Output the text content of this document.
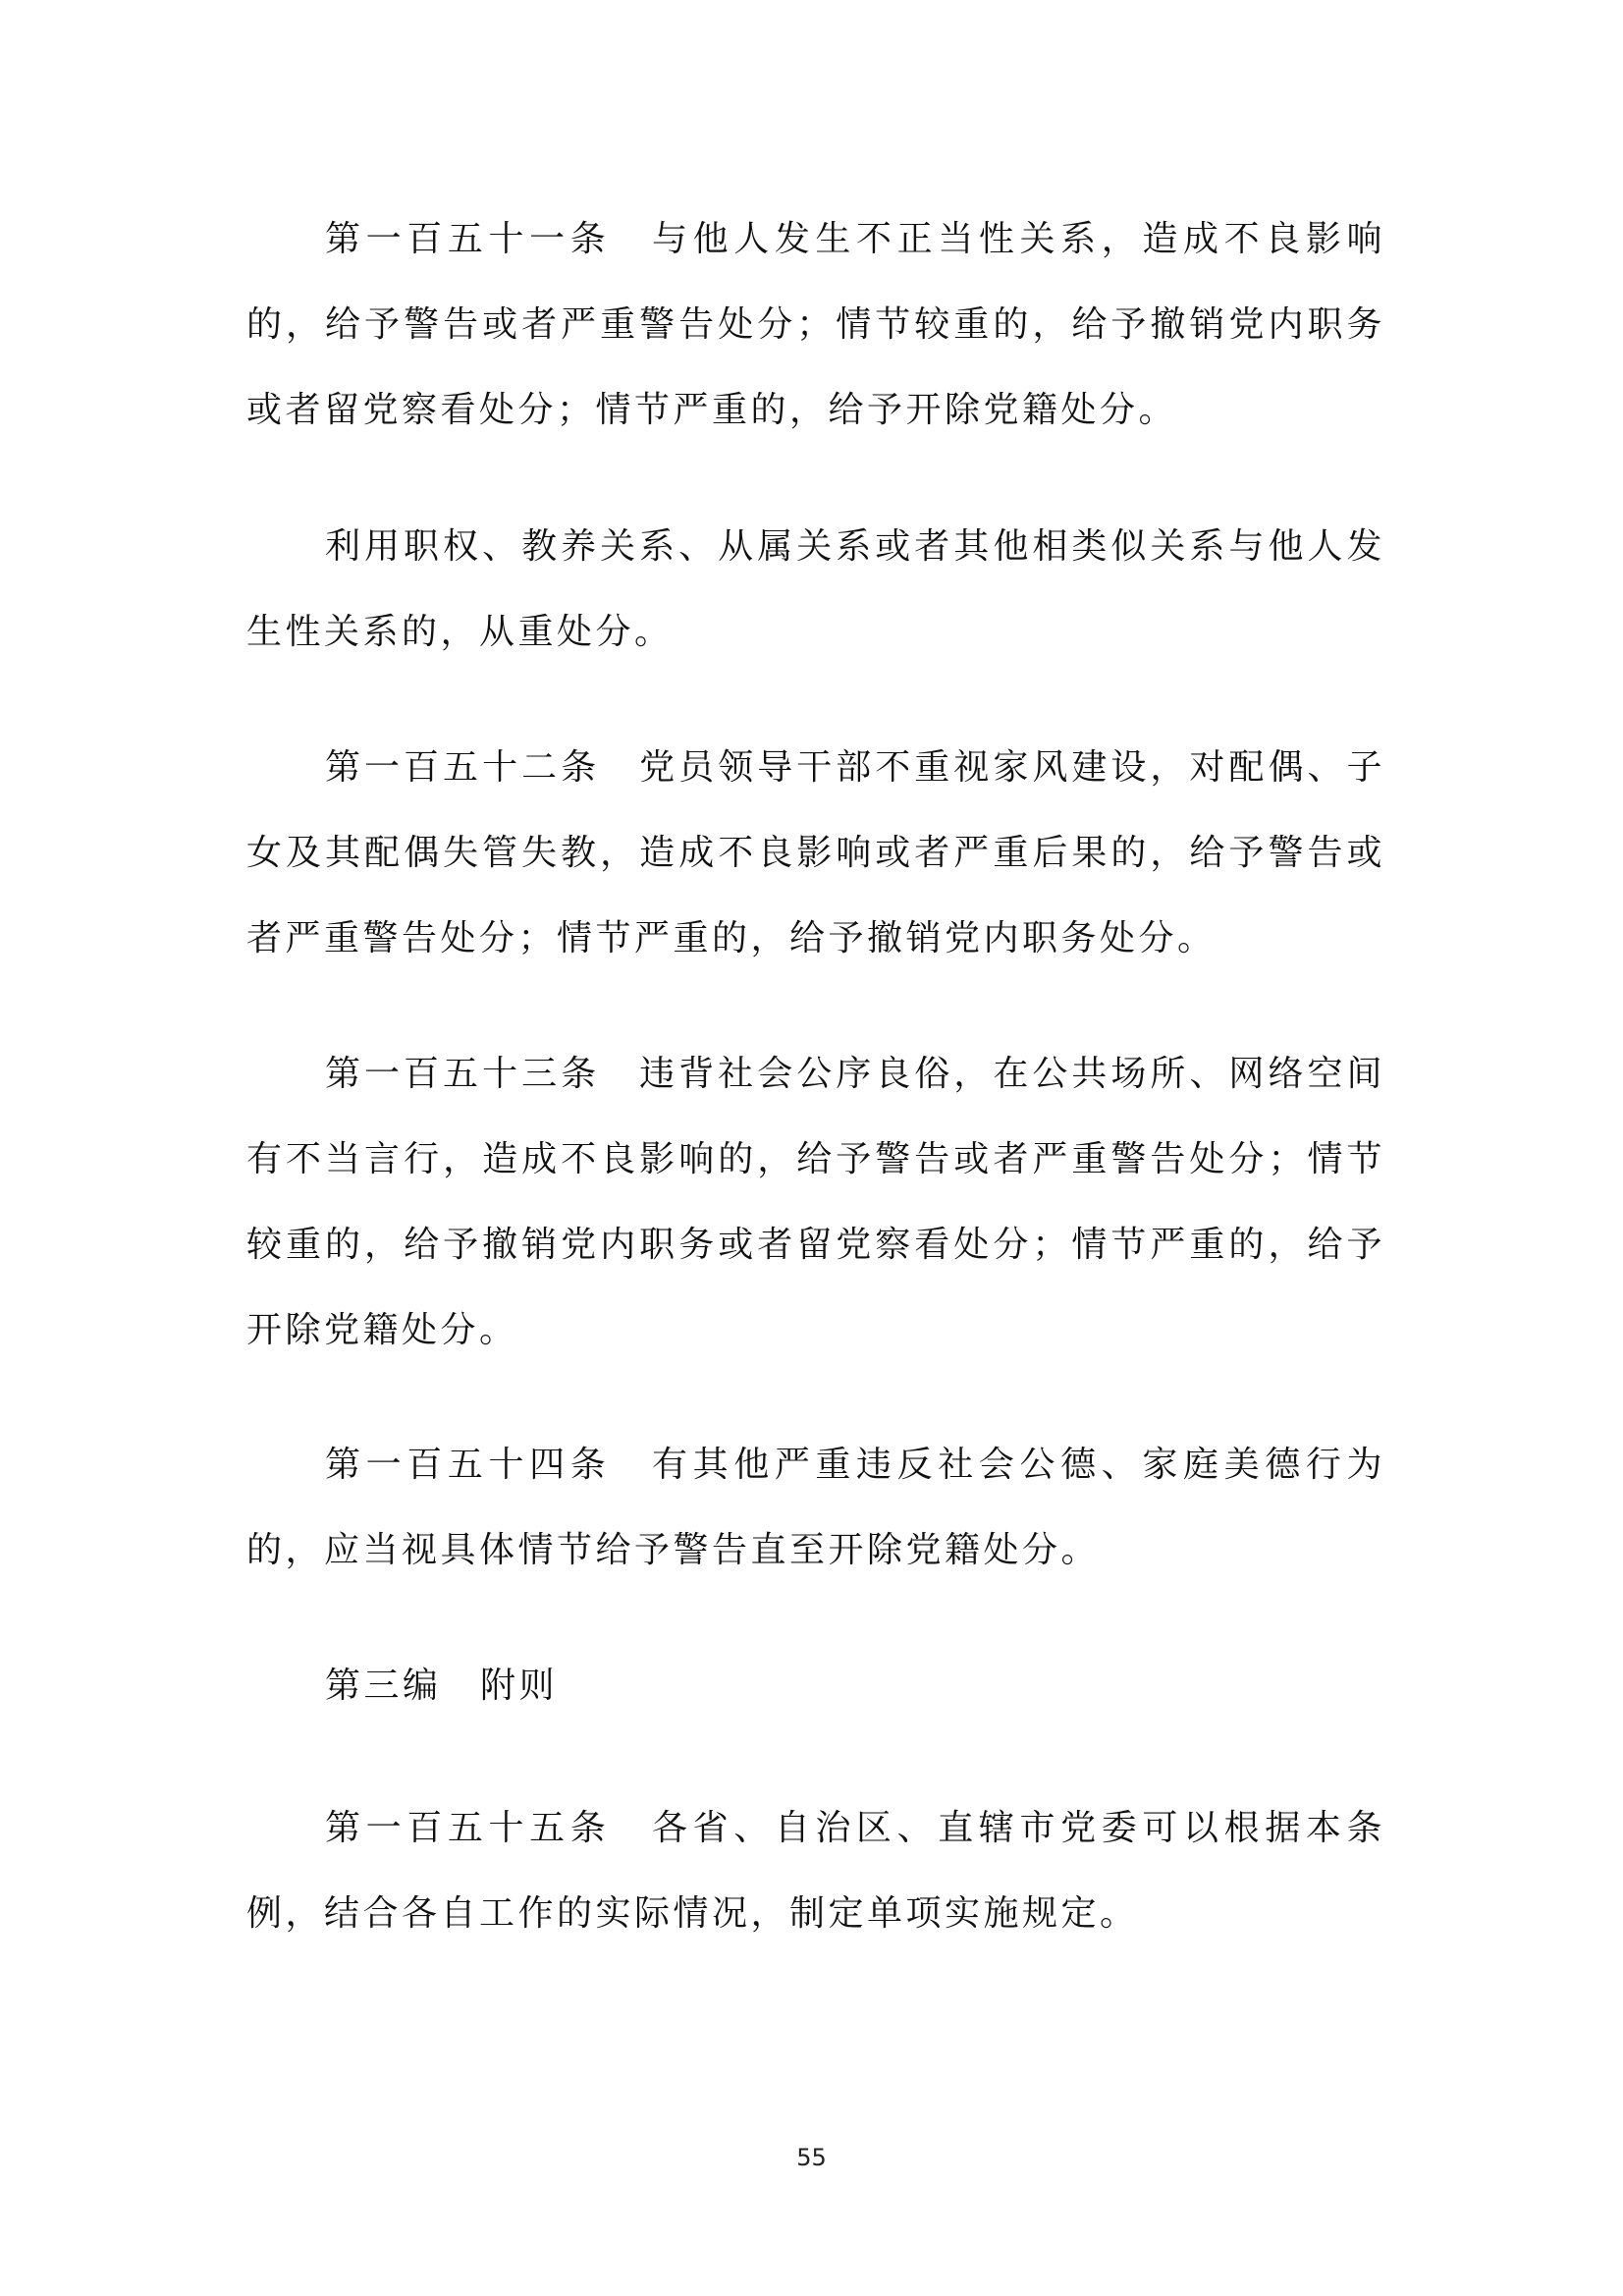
第一百五十一条　与他人发生不正当性关系，造成不良影响的，给予警告或者严重警告处分；情节较重的，给予撤销党内职务或者留党察看处分；情节严重的，给予开除党籍处分。

利用职权、教养关系、从属关系或者其他相类似关系与他人发生性关系的，从重处分。

第一百五十二条　党员领导干部不重视家风建设，对配偶、子女及其配偶失管失教，造成不良影响或者严重后果的，给予警告或者严重警告处分；情节严重的，给予撤销党内职务处分。

第一百五十三条　违背社会公序良俗，在公共场所、网络空间有不当言行，造成不良影响的，给予警告或者严重警告处分；情节较重的，给予撤销党内职务或者留党察看处分；情节严重的，给予开除党籍处分。

第一百五十四条　有其他严重违反社会公德、家庭美德行为的，应当视具体情节给予警告直至开除党籍处分。

第三编　附则

第一百五十五条　各省、自治区、直辖市党委可以根据本条例，结合各自工作的实际情况，制定单项实施规定。

55
